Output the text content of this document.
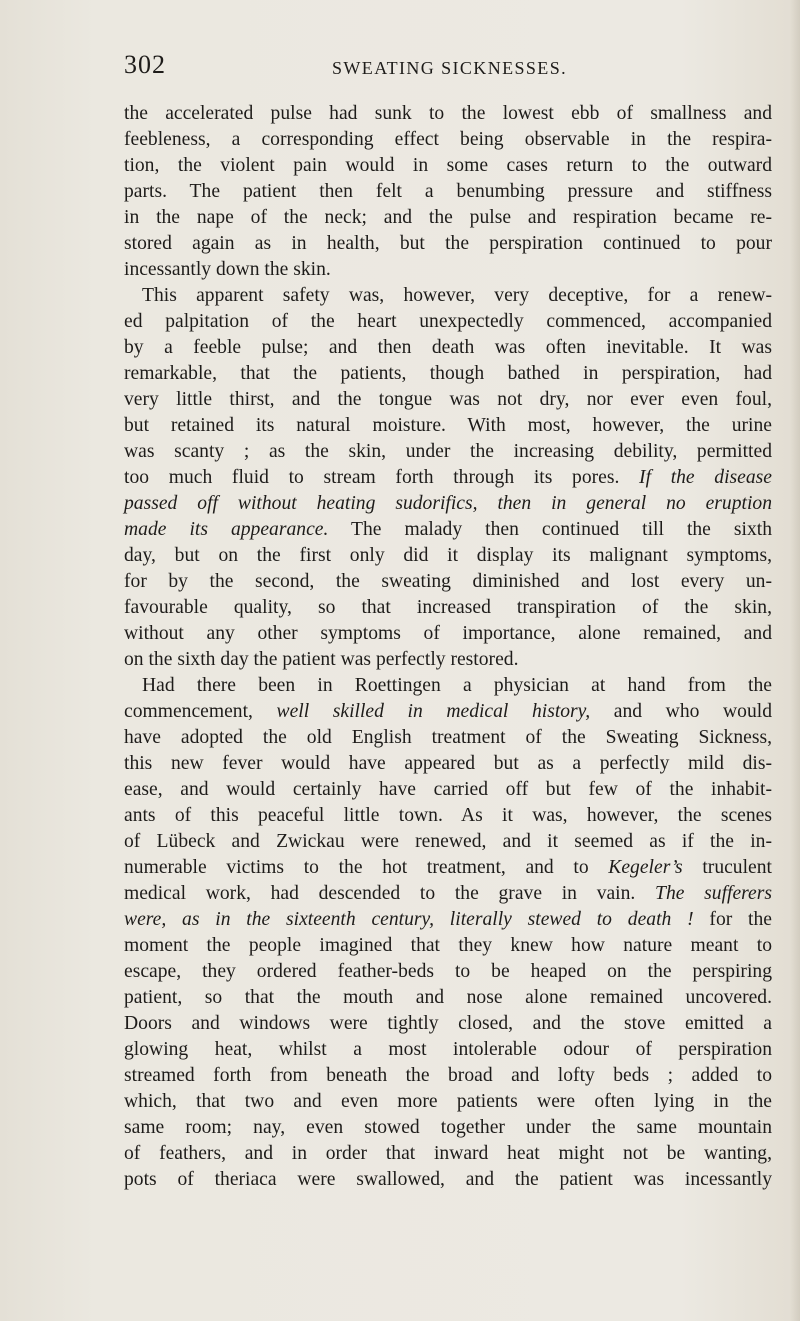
302	SWEATING SICKNESSES.
the accelerated pulse had sunk to the lowest ebb of smallness and
feebleness, a corresponding effect being observable in the respira-
tion, the violent pain would in some cases return to the outward
parts. The patient then felt a benumbing pressure and stiffness
in the nape of the neck; and the pulse and respiration became re-
stored again as in health, but the perspiration continued to pour
incessantly down the skin.
This apparent safety was, however, very deceptive, for a renew-
ed palpitation of the heart unexpectedly commenced, accompanied
by a feeble pulse; and then death was often inevitable. It was
remarkable, that the patients, though bathed in perspiration, had
very little thirst, and the tongue was not dry, nor ever even foul,
but retained its natural moisture. With most, however, the urine
was scanty ; as the skin, under the increasing debility, permitted
too much fluid to stream forth through its pores. If the disease
passed off without heating sudorifics, then in general no eruption
made its appearance. The malady then continued till the sixth
day, but on the first only did it display its malignant symptoms,
for by the second, the sweating diminished and lost every un-
favourable quality, so that increased transpiration of the skin,
without any other symptoms of importance, alone remained, and
on the sixth day the patient was perfectly restored.
Had there been in Roettingen a physician at hand from the
commencement, well skilled in medical history, and who would
have adopted the old English treatment of the Sweating Sickness,
this new fever would have appeared but as a perfectly mild dis-
ease, and would certainly have carried off but few of the inhabit-
ants of this peaceful little town. As it was, however, the scenes
of Lübeck and Zwickau were renewed, and it seemed as if the in-
numerable victims to the hot treatment, and to Kegeler’s truculent
medical work, had descended to the grave in vain. The sufferers
were, as in the sixteenth century, literally stewed to death ! for the
moment the people imagined that they knew how nature meant to
escape, they ordered feather-beds to be heaped on the perspiring
patient, so that the mouth and nose alone remained uncovered.
Doors and windows were tightly closed, and the stove emitted a
glowing heat, whilst a most intolerable odour of perspiration
streamed forth from beneath the broad and lofty beds ; added to
which, that two and even more patients were often lying in the
same room; nay, even stowed together under the same mountain
of feathers, and in order that inward heat might not be wanting,
pots of theriaca were swallowed, and the patient was incessantly
